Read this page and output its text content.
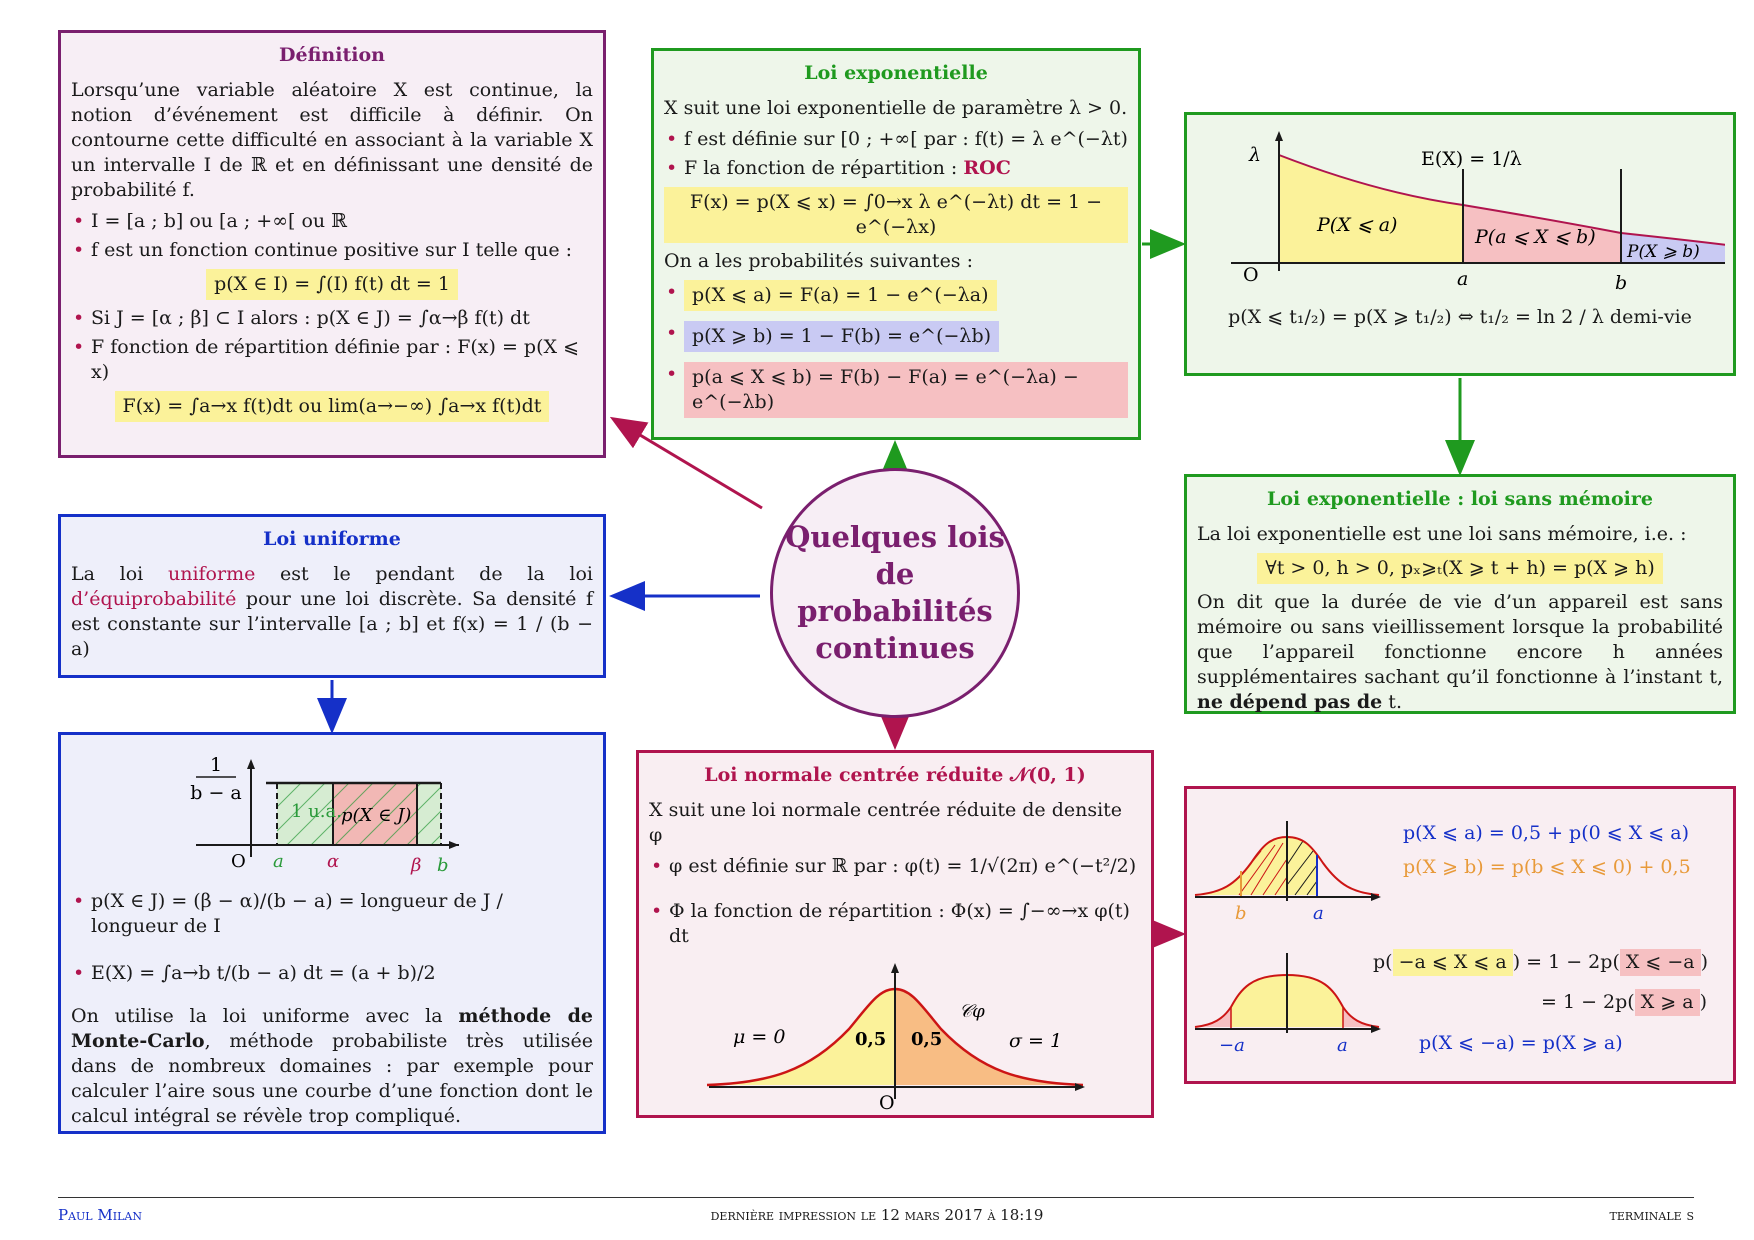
Quelques lois de
probabilités
continues
Définition

Lorsqu’une variable aléatoire X est continue, la notion d’événement est difficile à définir. On contourne cette difficulté en associant à la variable X un intervalle I de ℝ et en définissant une densité de probabilité f.

• I = [a ; b] ou [a ; +∞[ ou ℝ
• f est un fonction continue positive sur I telle que :
p(X ∈ I) = ∫(I) f(t) dt = 1
• Si J = [α ; β] ⊂ I alors : p(X ∈ J) = ∫α→β f(t) dt
• F fonction de répartition définie par : F(x) = p(X ⩽ x)
F(x) = ∫a→x f(t)dt ou lim(a→−∞) ∫a→x f(t)dt
Loi uniforme

La loi uniforme est le pendant de la loi d’équiprobabilité pour une loi discrète. Sa densité f est constante sur l’intervalle [a ; b] et f(x) = 1 / (b − a)

1
b − a
1 u.a. p(X ∈ J)
O a α	β b
• p(X ∈ J) = (β − α)/(b − a) = longueur de J / longueur de I
• E(X) = ∫a→b t/(b − a) dt = (a + b)/2

On utilise la loi uniforme avec la méthode de Monte-Carlo, méthode probabiliste très utilisée dans de nombreux domaines : par exemple pour calculer l’aire sous une courbe d’une fonction dont le calcul intégral se révèle trop compliqué.

Loi exponentielle

X suit une loi exponentielle de paramètre λ > 0.

• f est définie sur [0 ; +∞[ par : f(t) = λ e^(−λt)
• F la fonction de répartition : ROC
F(x) = p(X ⩽ x) = ∫0→x λ e^(−λt) dt = 1 − e^(−λx)

On a les probabilités suivantes :

• p(X ⩽ a) = F(a) = 1 − e^(−λa)
• p(X ⩾ b) = 1 − F(b) = e^(−λb)
• p(a ⩽ X ⩽ b) = F(b) − F(a) = e^(−λa) − e^(−λb)
λ	E(X) = 1/λ
P(X ⩽ a)
P(a ⩽ X ⩽ b)
P(X ⩾ b)
O	a	b

p(X ⩽ t₁/₂) = p(X ⩾ t₁/₂) ⇔ t₁/₂ = ln 2 / λ demi-vie

Loi exponentielle : loi sans mémoire

La loi exponentielle est une loi sans mémoire, i.e. :

∀t > 0, h > 0, pₓ⩾ₜ(X ⩾ t + h) = p(X ⩾ h)

On dit que la durée de vie d’un appareil est sans mémoire ou sans vieillissement lorsque la probabilité que l’appareil fonctionne encore h années supplémentaires sachant qu’il fonctionne à l’instant t, ne dépend pas de t.

Loi normale centrée réduite 𝒩(0, 1)

X suit une loi normale centrée réduite de densite φ

• φ est définie sur ℝ par : φ(t) = 1/√(2π) e^(−t²/2)
• Φ la fonction de répartition : Φ(x) = ∫−∞→x φ(t) dt
μ = 0	σ = 1
0,5 0,5
𝒞φ
O
b	a
p(X ⩽ a) = 0,5 + p(0 ⩽ X ⩽ a)
p(X ⩾ b) = p(b ⩽ X ⩽ 0) + 0,5
−a	a
p( −a ⩽ X ⩽ a ) = 1 − 2p( X ⩽ −a )
= 1 − 2p( X ⩾ a )
p(X ⩽ −a) = p(X ⩾ a)
Paul Milan	dernière impression le 12 mars 2017 à 18:19	terminale s
